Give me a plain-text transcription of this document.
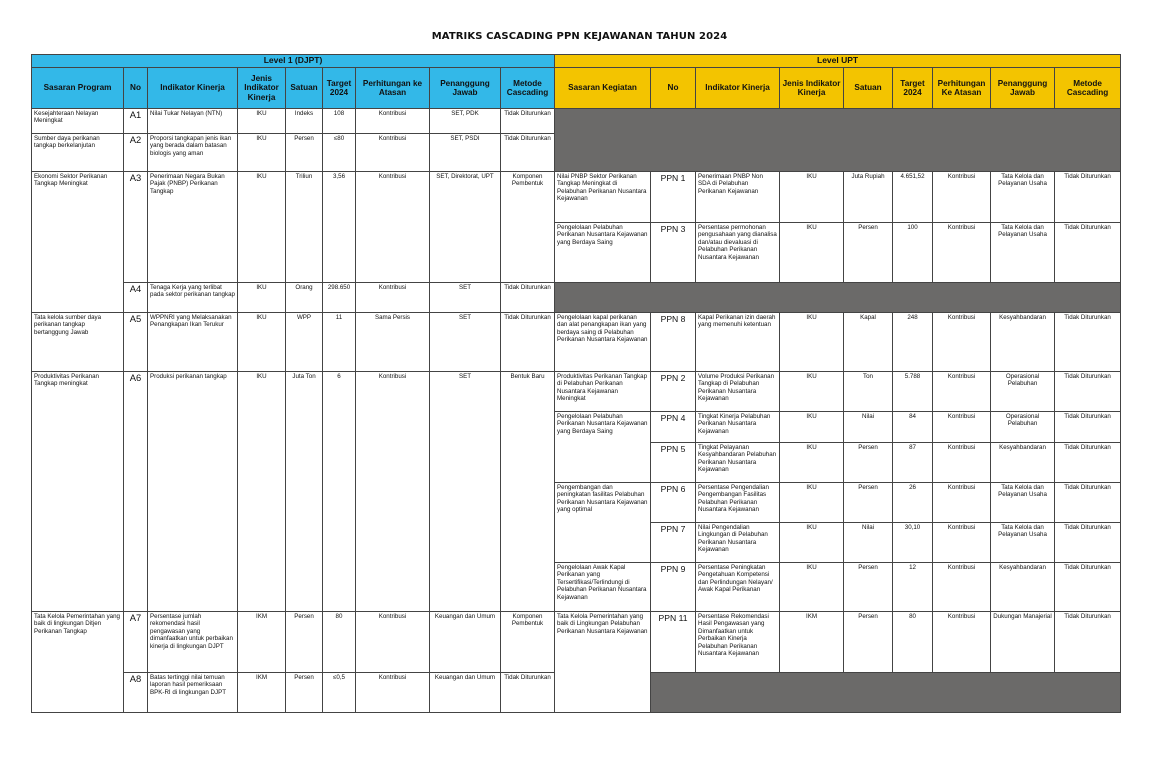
MATRIKS CASCADING PPN KEJAWANAN TAHUN 2024
Level 1 (DJPT)									Level UPT								
Sasaran Program	No	Indikator Kinerja	Jenis Indikator Kinerja	Satuan	Target 2024	Perhitungan ke Atasan	Penanggung Jawab	Metode Cascading	Sasaran Kegiatan	No	Indikator Kinerja	Jenis Indikator Kinerja	Satuan	Target 2024	Perhitungan Ke Atasan	Penanggung Jawab	Metode Cascading
Kesejahteraan Nelayan Meningkat	A1	Nilai Tukar Nelayan (NTN)	IKU	Indeks	108	Kontribusi	SET, PDK	Tidak Diturunkan									
Sumber daya perikanan tangkap berkelanjutan	A2	Proporsi tangkapan jenis ikan yang berada dalam batasan biologis yang aman	IKU	Persen	≤80	Kontribusi	SET, PSDI	Tidak Diturunkan									
Ekonomi Sektor Perikanan Tangkap Meningkat	A3	Penerimaan Negara Bukan Pajak (PNBP) Perikanan Tangkap	IKU	Triliun	3,56	Kontribusi	SET, Direktorat, UPT	Komponen Pembentuk	Nilai PNBP Sektor Perikanan Tangkap Meningkat di Pelabuhan Perikanan Nusantara Kejawanan	PPN 1	Penerimaan PNBP Non SDA di Pelabuhan Perikanan Kejawanan	IKU	Juta Rupiah	4.651,52	Kontribusi	Tata Kelola dan Pelayanan Usaha	Tidak Diturunkan
									Pengelolaan Pelabuhan Perikanan Nusantara Kejawanan yang Berdaya Saing	PPN 3	Persentase permohonan pengusahaan yang dianalisa dan/atau dievaluasi di Pelabuhan Perikanan Nusantara Kejawanan	IKU	Persen	100	Kontribusi	Tata Kelola dan Pelayanan Usaha	Tidak Diturunkan
	A4	Tenaga Kerja yang terlibat pada sektor perikanan tangkap	IKU	Orang	298.650	Kontribusi	SET	Tidak Diturunkan									
Tata kelola sumber daya perikanan tangkap bertanggung Jawab	A5	WPPNRI yang Melaksanakan Penangkapan Ikan Terukur	IKU	WPP	11	Sama Persis	SET	Tidak Diturunkan	Pengelolaan kapal perikanan dan alat penangkapan ikan yang berdaya saing di Pelabuhan Perikanan Nusantara Kejawanan	PPN 8	Kapal Perikanan izin daerah yang memenuhi ketentuan	IKU	Kapal	248	Kontribusi	Kesyahbandaran	Tidak Diturunkan
Produktivitas Perikanan Tangkap meningkat	A6	Produksi perikanan tangkap	IKU	Juta Ton	6	Kontribusi	SET	Bentuk Baru	Produktivitas Perikanan Tangkap di Pelabuhan Perikanan Nusantara Kejawanan Meningkat	PPN 2	Volume Produksi Perikanan Tangkap di Pelabuhan Perikanan Nusantara Kejawanan	IKU	Ton	5.788	Kontribusi	Operasional Pelabuhan	Tidak Diturunkan
									Pengelolaan Pelabuhan Perikanan Nusantara Kejawanan yang Berdaya Saing	PPN 4	Tingkat Kinerja Pelabuhan Perikanan Nusantara Kejawanan	IKU	Nilai	84	Kontribusi	Operasional Pelabuhan	Tidak Diturunkan
										PPN 5	Tingkat Pelayanan Kesyahbandaran Pelabuhan Perikanan Nusantara Kejawanan	IKU	Persen	87	Kontribusi	Kesyahbandaran	Tidak Diturunkan
									Pengembangan dan peningkatan fasilitas Pelabuhan Perikanan Nusantara Kejawanan yang optimal	PPN 6	Persentase Pengendalian Pengembangan Fasilitas Pelabuhan Perikanan Nusantara Kejawanan	IKU	Persen	26	Kontribusi	Tata Kelola dan Pelayanan Usaha	Tidak Diturunkan
										PPN 7	Nilai Pengendalian Lingkungan di Pelabuhan Perikanan Nusantara Kejawanan	IKU	Nilai	30,10	Kontribusi	Tata Kelola dan Pelayanan Usaha	Tidak Diturunkan
									Pengelolaan Awak Kapal Perikanan yang Tersertifikasi/Terlindungi di Pelabuhan Perikanan Nusantara Kejawanan	PPN 9	Persentase Peningkatan Pengetahuan Kompetensi dan Perlindungan Nelayan/ Awak Kapal Perikanan	IKU	Persen	12	Kontribusi	Kesyahbandaran	Tidak Diturunkan
Tata Kelola Pemerintahan yang baik di lingkungan Ditjen Perikanan Tangkap	A7	Persentase jumlah rekomendasi hasil pengawasan yang dimanfaatkan untuk perbaikan kinerja di lingkungan DJPT	IKM	Persen	80	Kontribusi	Keuangan dan Umum	Komponen Pembentuk	Tata Kelola Pemerintahan yang baik di Lingkungan Pelabuhan Perikanan Nusantara Kejawanan	PPN 11	Persentase Rekomendasi Hasil Pengawasan yang Dimanfaatkan untuk Perbaikan Kinerja Pelabuhan Perikanan Nusantara Kejawanan	IKM	Persen	80	Kontribusi	Dukungan Manajerial	Tidak Diturunkan
	A8	Batas tertinggi nilai temuan laporan hasil pemeriksaan BPK-RI di lingkungan DJPT	IKM	Persen	≤0,5	Kontribusi	Keuangan dan Umum	Tidak Diturunkan									
